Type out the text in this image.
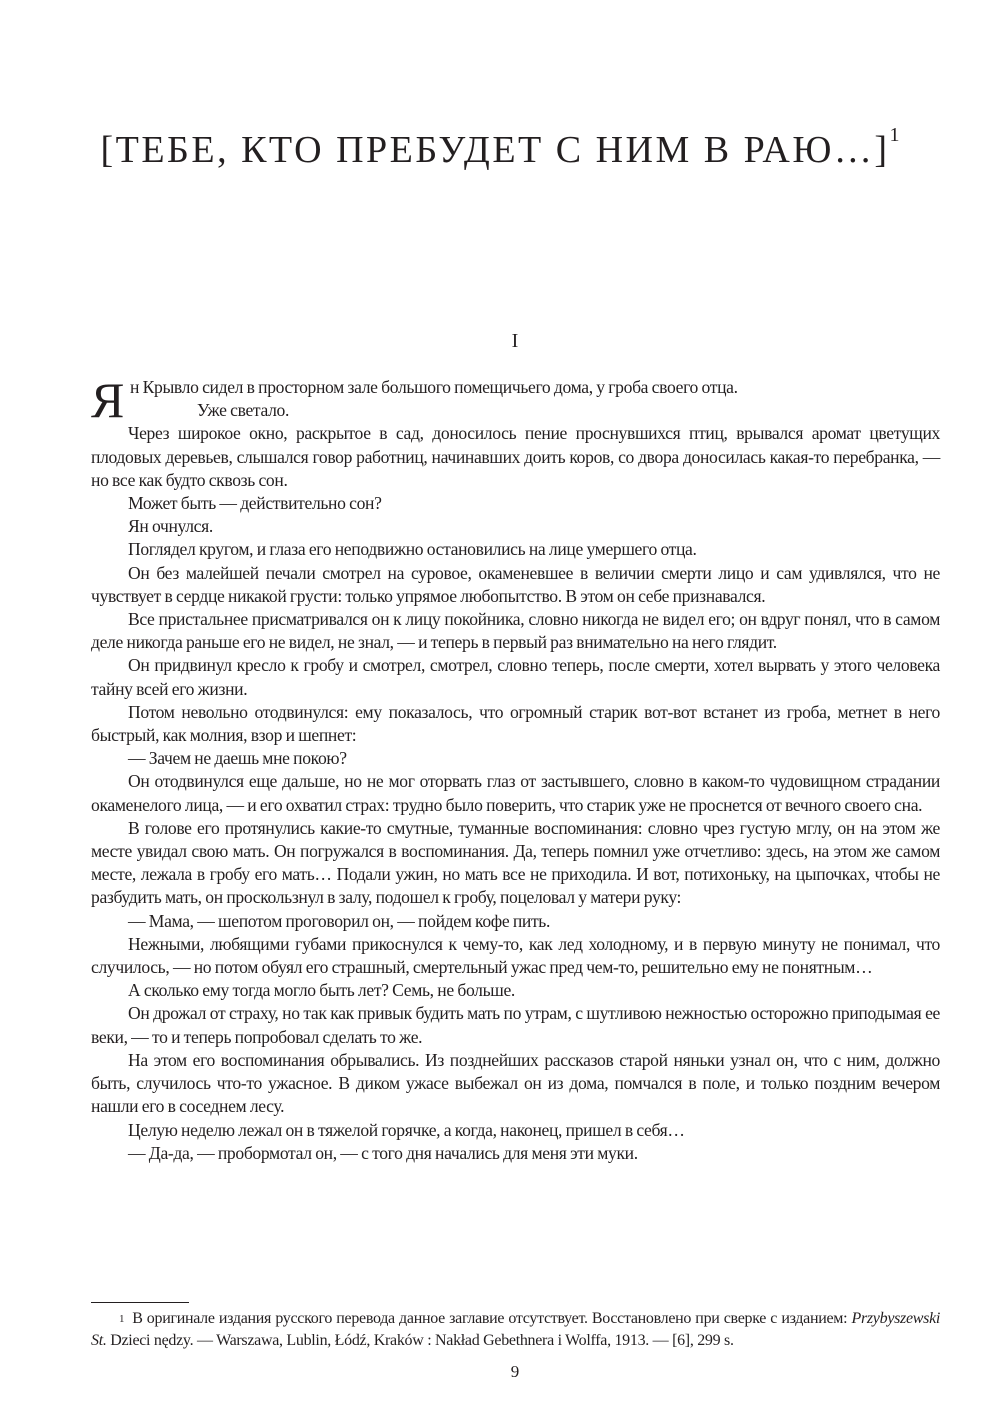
[ТЕБЕ, КТО ПРЕБУДЕТ С НИМ В РАЮ…]$^1$
I

Ян Крывло сидел в просторном зале большого помещичьего дома, у гроба своего отца.

Уже светало.

Через широкое окно, раскрытое в сад, доносилось пение проснувшихся птиц, врывался аромат цветущих плодовых деревьев, слышался говор работниц, начинавших доить коров, со двора доносилась какая-то перебранка, — но все как будто сквозь сон.

Может быть — действительно сон?

Ян очнулся.

Поглядел кругом, и глаза его неподвижно остановились на лице умершего отца.

Он без малейшей печали смотрел на суровое, окаменевшее в величии смерти лицо и сам удивлялся, что не чувствует в сердце никакой грусти: только упрямое любопытство. В этом он себе признавался.

Все пристальнее присматривался он к лицу покойника, словно никогда не видел его; он вдруг понял, что в самом деле никогда раньше его не видел, не знал, — и теперь в первый раз внимательно на него глядит.

Он придвинул кресло к гробу и смотрел, смотрел, словно теперь, после смерти, хотел вырвать у этого человека тайну всей его жизни.

Потом невольно отодвинулся: ему показалось, что огромный старик вот-вот встанет из гроба, метнет в него быстрый, как молния, взор и шепнет:

— Зачем не даешь мне покою?

Он отодвинулся еще дальше, но не мог оторвать глаз от застывшего, словно в каком-то чудовищном страдании окаменелого лица, — и его охватил страх: трудно было поверить, что старик уже не проснется от вечного своего сна.

В голове его протянулись какие-то смутные, туманные воспоминания: словно чрез густую мглу, он на этом же месте увидал свою мать. Он погружался в воспоминания. Да, теперь помнил уже отчетливо: здесь, на этом же самом месте, лежала в гробу его мать… Подали ужин, но мать все не приходила. И вот, потихоньку, на цыпочках, чтобы не разбудить мать, он проскользнул в залу, подошел к гробу, поцеловал у матери руку:

— Мама, — шепотом проговорил он, — пойдем кофе пить.

Нежными, любящими губами прикоснулся к чему-то, как лед холодному, и в первую минуту не понимал, что случилось, — но потом обуял его страшный, смертельный ужас пред чем-то, решительно ему не понятным…

А сколько ему тогда могло быть лет? Семь, не больше.

Он дрожал от страху, но так как привык будить мать по утрам, с шутливою нежностью осторожно приподымая ее веки, — то и теперь попробовал сделать то же.

На этом его воспоминания обрывались. Из позднейших рассказов старой няньки узнал он, что с ним, должно быть, случилось что-то ужасное. В диком ужасе выбежал он из дома, помчался в поле, и только поздним вечером нашли его в соседнем лесу.

Целую неделю лежал он в тяжелой горячке, а когда, наконец, пришел в себя…

— Да-да, — пробормотал он, — с того дня начались для меня эти муки.

$^1$ В оригинале издания русского перевода данное заглавие отсутствует. Восстановлено при сверке с изданием: Przybyszewski St. Dzieci nędzy. — Warszawa, Lublin, Łódź, Kraków : Nakład Gebethnera i Wolffa, 1913. — [6], 299 s.
9
